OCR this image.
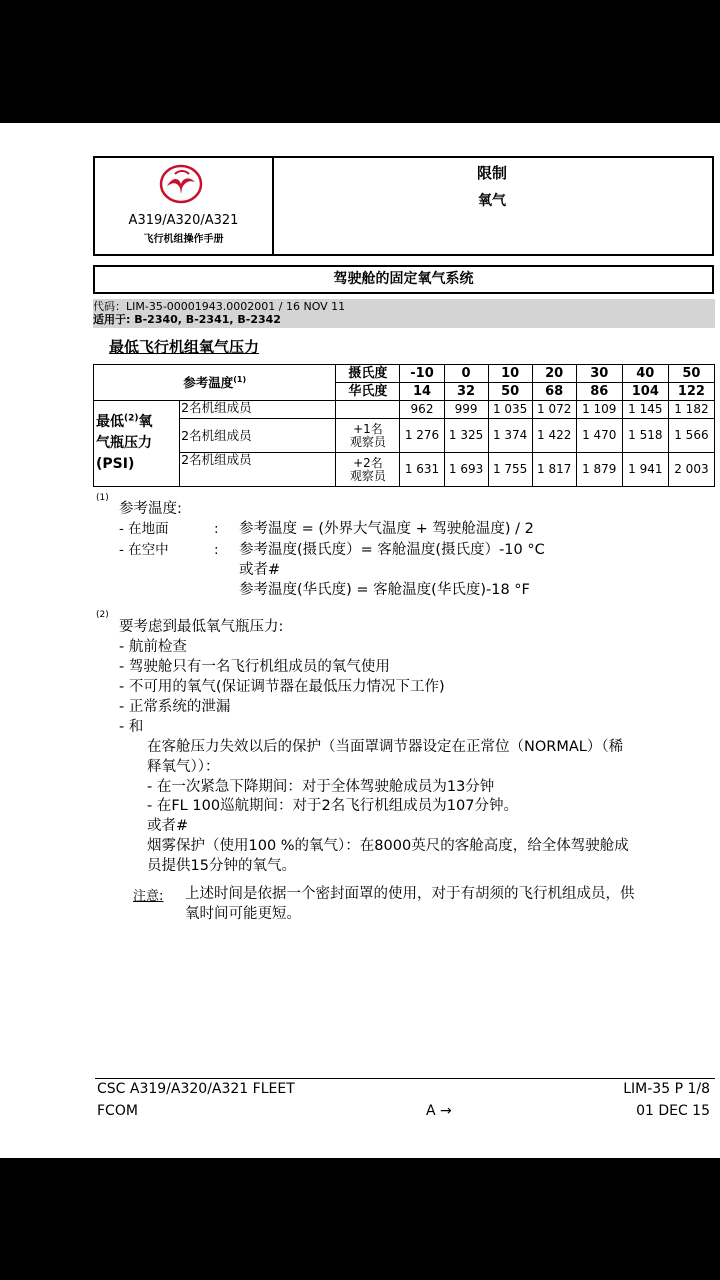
A319/A320/A321
飞行机组操作手册
限制
氧气
驾驶舱的固定氧气系统
代码：LIM-35-00001943.0002001 / 16 NOV 11
适用于: B-2340, B-2341, B-2342
最低飞行机组氧气压力
参考温度$^{(1)}$		摄氏度	-10	0	10	20	30	40	50
		华氏度	14	32	50	68	86	104	122
最低$^{(2)}$氧
气瓶压力
(PSI)	2名机组成员		962	999	1 035	1 072	1 109	1 145	1 182
	2名机组成员	+1名
观察员	1 276	1 325	1 374	1 422	1 470	1 518	1 566
	2名机组成员	+2名
观察员	1 631	1 693	1 755	1 817	1 879	1 941	2 003
(1)
参考温度:
- 在地面	: 参考温度 = (外界大气温度 + 驾驶舱温度) / 2
- 在空中	: 参考温度(摄氏度）= 客舱温度(摄氏度）-10 °C
或者#
参考温度(华氏度) = 客舱温度(华氏度)-18 °F
(2)
要考虑到最低氧气瓶压力:
- 航前检查
- 驾驶舱只有一名飞行机组成员的氧气使用
- 不可用的氧气(保证调节器在最低压力情况下工作)
- 正常系统的泄漏
- 和
在客舱压力失效以后的保护（当面罩调节器设定在正常位（NORMAL）（稀
释氧气））：
- 在一次紧急下降期间：对于全体驾驶舱成员为13分钟
- 在FL 100巡航期间：对于2名飞行机组成员为107分钟。
或者#
烟雾保护（使用100 %的氧气）：在8000英尺的客舱高度，给全体驾驶舱成
员提供15分钟的氧气。
注意: 上述时间是依据一个密封面罩的使用，对于有胡须的飞行机组成员，供
氧时间可能更短。
CSC A319/A320/A321 FLEET
FCOM	A →
LIM-35 P 1/8
01 DEC 15
